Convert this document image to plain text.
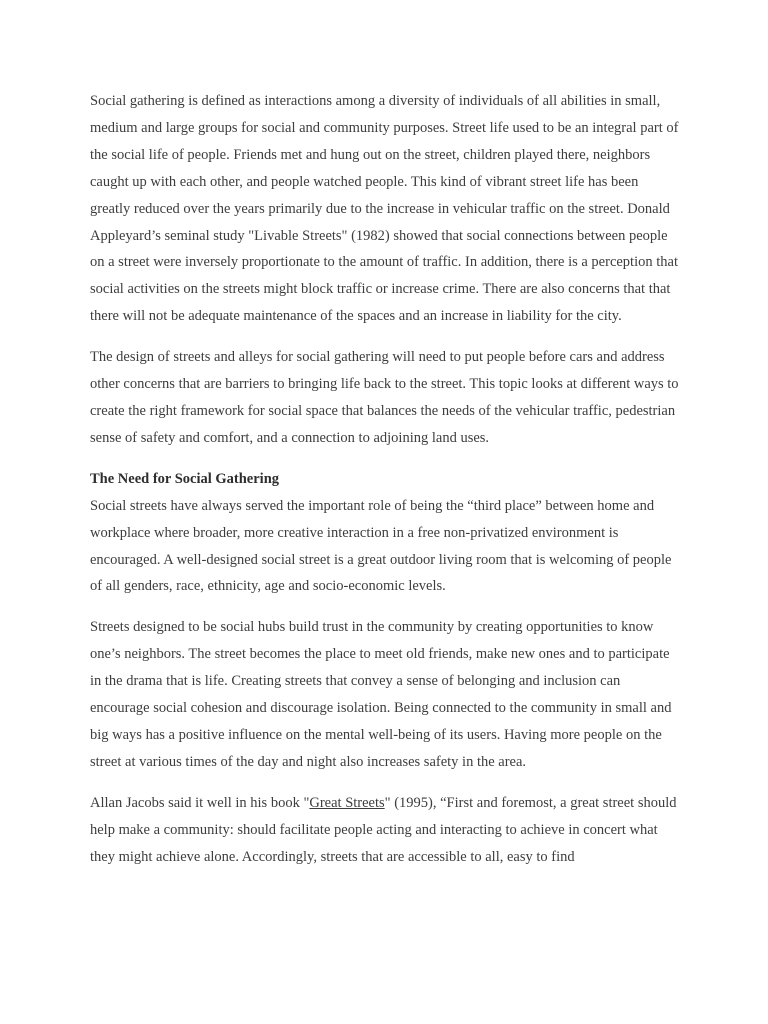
Social gathering is defined as interactions among a diversity of individuals of all abilities in small, medium and large groups for social and community purposes. Street life used to be an integral part of the social life of people. Friends met and hung out on the street, children played there, neighbors caught up with each other, and people watched people. This kind of vibrant street life has been greatly reduced over the years primarily due to the increase in vehicular traffic on the street. Donald Appleyard’s seminal study "Livable Streets" (1982) showed that social connections between people on a street were inversely proportionate to the amount of traffic. In addition, there is a perception that social activities on the streets might block traffic or increase crime. There are also concerns that that there will not be adequate maintenance of the spaces and an increase in liability for the city.

The design of streets and alleys for social gathering will need to put people before cars and address other concerns that are barriers to bringing life back to the street. This topic looks at different ways to create the right framework for social space that balances the needs of the vehicular traffic, pedestrian sense of safety and comfort, and a connection to adjoining land uses.

The Need for Social Gathering

Social streets have always served the important role of being the “third place” between home and workplace where broader, more creative interaction in a free non-privatized environment is encouraged. A well-designed social street is a great outdoor living room that is welcoming of people of all genders, race, ethnicity, age and socio-economic levels.

Streets designed to be social hubs build trust in the community by creating opportunities to know one’s neighbors. The street becomes the place to meet old friends, make new ones and to participate in the drama that is life. Creating streets that convey a sense of belonging and inclusion can encourage social cohesion and discourage isolation. Being connected to the community in small and big ways has a positive influence on the mental well-being of its users. Having more people on the street at various times of the day and night also increases safety in the area.

Allan Jacobs said it well in his book "Great Streets" (1995), “First and foremost, a great street should help make a community: should facilitate people acting and interacting to achieve in concert what they might achieve alone. Accordingly, streets that are accessible to all, easy to find
